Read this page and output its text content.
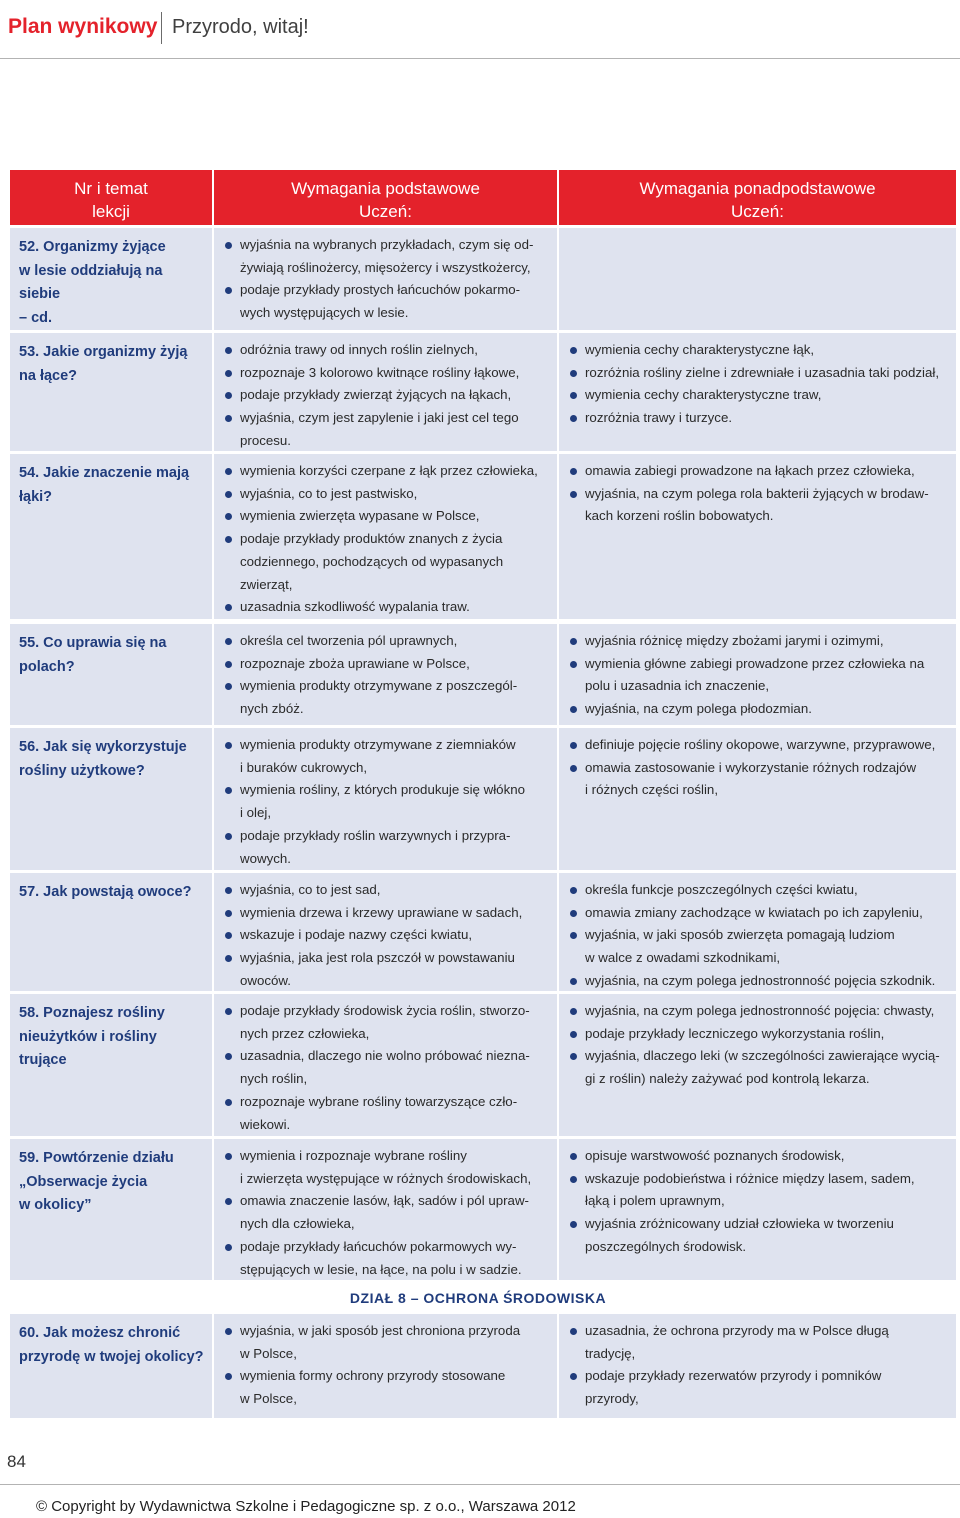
Plan wynikowy Przyrodo, witaj!
Nr i temat
lekcji
Wymagania podstawowe
Uczeń:
Wymagania ponadpodstawowe
Uczeń:
52. Organizmy żyjące
w lesie oddziałują na siebie
– cd.
wyjaśnia na wybranych przykładach, czym się od-
żywiają roślinożercy, mięsożercy i wszystkożercy,
podaje przykłady prostych łańcuchów pokarmo-
wych występujących w lesie.
53. Jakie organizmy żyją
na łące?
odróżnia trawy od innych roślin zielnych,
rozpoznaje 3 kolorowo kwitnące rośliny łąkowe,
podaje przykłady zwierząt żyjących na łąkach,
wyjaśnia, czym jest zapylenie i jaki jest cel tego
procesu.
wymienia cechy charakterystyczne łąk,
rozróżnia rośliny zielne i zdrewniałe i uzasadnia taki podział,
wymienia cechy charakterystyczne traw,
rozróżnia trawy i turzyce.
54. Jakie znaczenie mają
łąki?
wymienia korzyści czerpane z łąk przez człowieka,
wyjaśnia, co to jest pastwisko,
wymienia zwierzęta wypasane w Polsce,
podaje przykłady produktów znanych z życia
codziennego, pochodzących od wypasanych
zwierząt,
uzasadnia szkodliwość wypalania traw.
omawia zabiegi prowadzone na łąkach przez człowieka,
wyjaśnia, na czym polega rola bakterii żyjących w brodaw-
kach korzeni roślin bobowatych.
55. Co uprawia się na
polach?
określa cel tworzenia pól uprawnych,
rozpoznaje zboża uprawiane w Polsce,
wymienia produkty otrzymywane z poszczegól-
nych zbóż.
wyjaśnia różnicę między zbożami jarymi i ozimymi,
wymienia główne zabiegi prowadzone przez człowieka na
polu i uzasadnia ich znaczenie,
wyjaśnia, na czym polega płodozmian.
56. Jak się wykorzystuje
rośliny użytkowe?
wymienia produkty otrzymywane z ziemniaków
i buraków cukrowych,
wymienia rośliny, z których produkuje się włókno
i olej,
podaje przykłady roślin warzywnych i przypra-
wowych.
definiuje pojęcie rośliny okopowe, warzywne, przyprawowe,
omawia zastosowanie i wykorzystanie różnych rodzajów
i różnych części roślin,
57. Jak powstają owoce?	wyjaśnia, co to jest sad,
wymienia drzewa i krzewy uprawiane w sadach,
wskazuje i podaje nazwy części kwiatu,
wyjaśnia, jaka jest rola pszczół w powstawaniu
owoców.
określa funkcje poszczególnych części kwiatu,
omawia zmiany zachodzące w kwiatach po ich zapyleniu,
wyjaśnia, w jaki sposób zwierzęta pomagają ludziom
w walce z owadami szkodnikami,
wyjaśnia, na czym polega jednostronność pojęcia szkodnik.
58. Poznajesz rośliny
nieużytków i rośliny
trujące
podaje przykłady środowisk życia roślin, stworzo-
nych przez człowieka,
uzasadnia, dlaczego nie wolno próbować niezna-
nych roślin,
rozpoznaje wybrane rośliny towarzyszące czło-
wiekowi.
wyjaśnia, na czym polega jednostronność pojęcia: chwasty,
podaje przykłady leczniczego wykorzystania roślin,
wyjaśnia, dlaczego leki (w szczególności zawierające wycią-
gi z roślin) należy zażywać pod kontrolą lekarza.
59. Powtórzenie działu
„Obserwacje życia
w okolicy”
wymienia i rozpoznaje wybrane rośliny
i zwierzęta występujące w różnych środowiskach,
omawia znaczenie lasów, łąk, sadów i pól upraw-
nych dla człowieka,
podaje przykłady łańcuchów pokarmowych wy-
stępujących w lesie, na łące, na polu i w sadzie.
opisuje warstwowość poznanych środowisk,
wskazuje podobieństwa i różnice między lasem, sadem,
łąką i polem uprawnym,
wyjaśnia zróżnicowany udział człowieka w tworzeniu
poszczególnych środowisk.
60. Jak możesz chronić
przyrodę w twojej okolicy?
wyjaśnia, w jaki sposób jest chroniona przyroda
w Polsce,
wymienia formy ochrony przyrody stosowane
w Polsce,
uzasadnia, że ochrona przyrody ma w Polsce długą
tradycję,
podaje przykłady rezerwatów przyrody i pomników
przyrody,
DZIAŁ 8 – OCHRONA ŚRODOWISKA
84
© Copyright by Wydawnictwa Szkolne i Pedagogiczne sp. z o.o., Warszawa 2012
